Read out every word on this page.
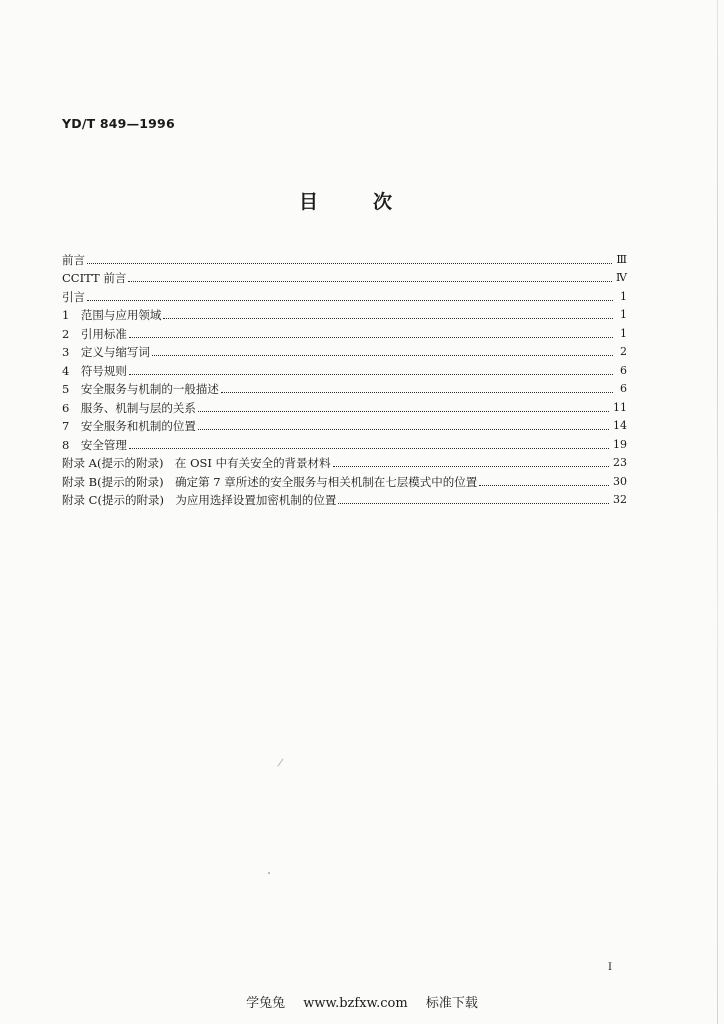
YD/T 849—1996
目	次
前言	Ⅲ
CCITT 前言	Ⅳ
引言	1
1　范围与应用领域	1
2　引用标准	1
3　定义与缩写词	2
4　符号规则	6
5　安全服务与机制的一般描述	6
6　服务、机制与层的关系	11
7　安全服务和机制的位置	14
8　安全管理	19
附录 A(提示的附录)　在 OSI 中有关安全的背景材料	23
附录 B(提示的附录)　确定第 7 章所述的安全服务与相关机制在七层模式中的位置	30
附录 C(提示的附录)　为应用选择设置加密机制的位置	32
I
学兔兔 www.bzfxw.com 标准下载
